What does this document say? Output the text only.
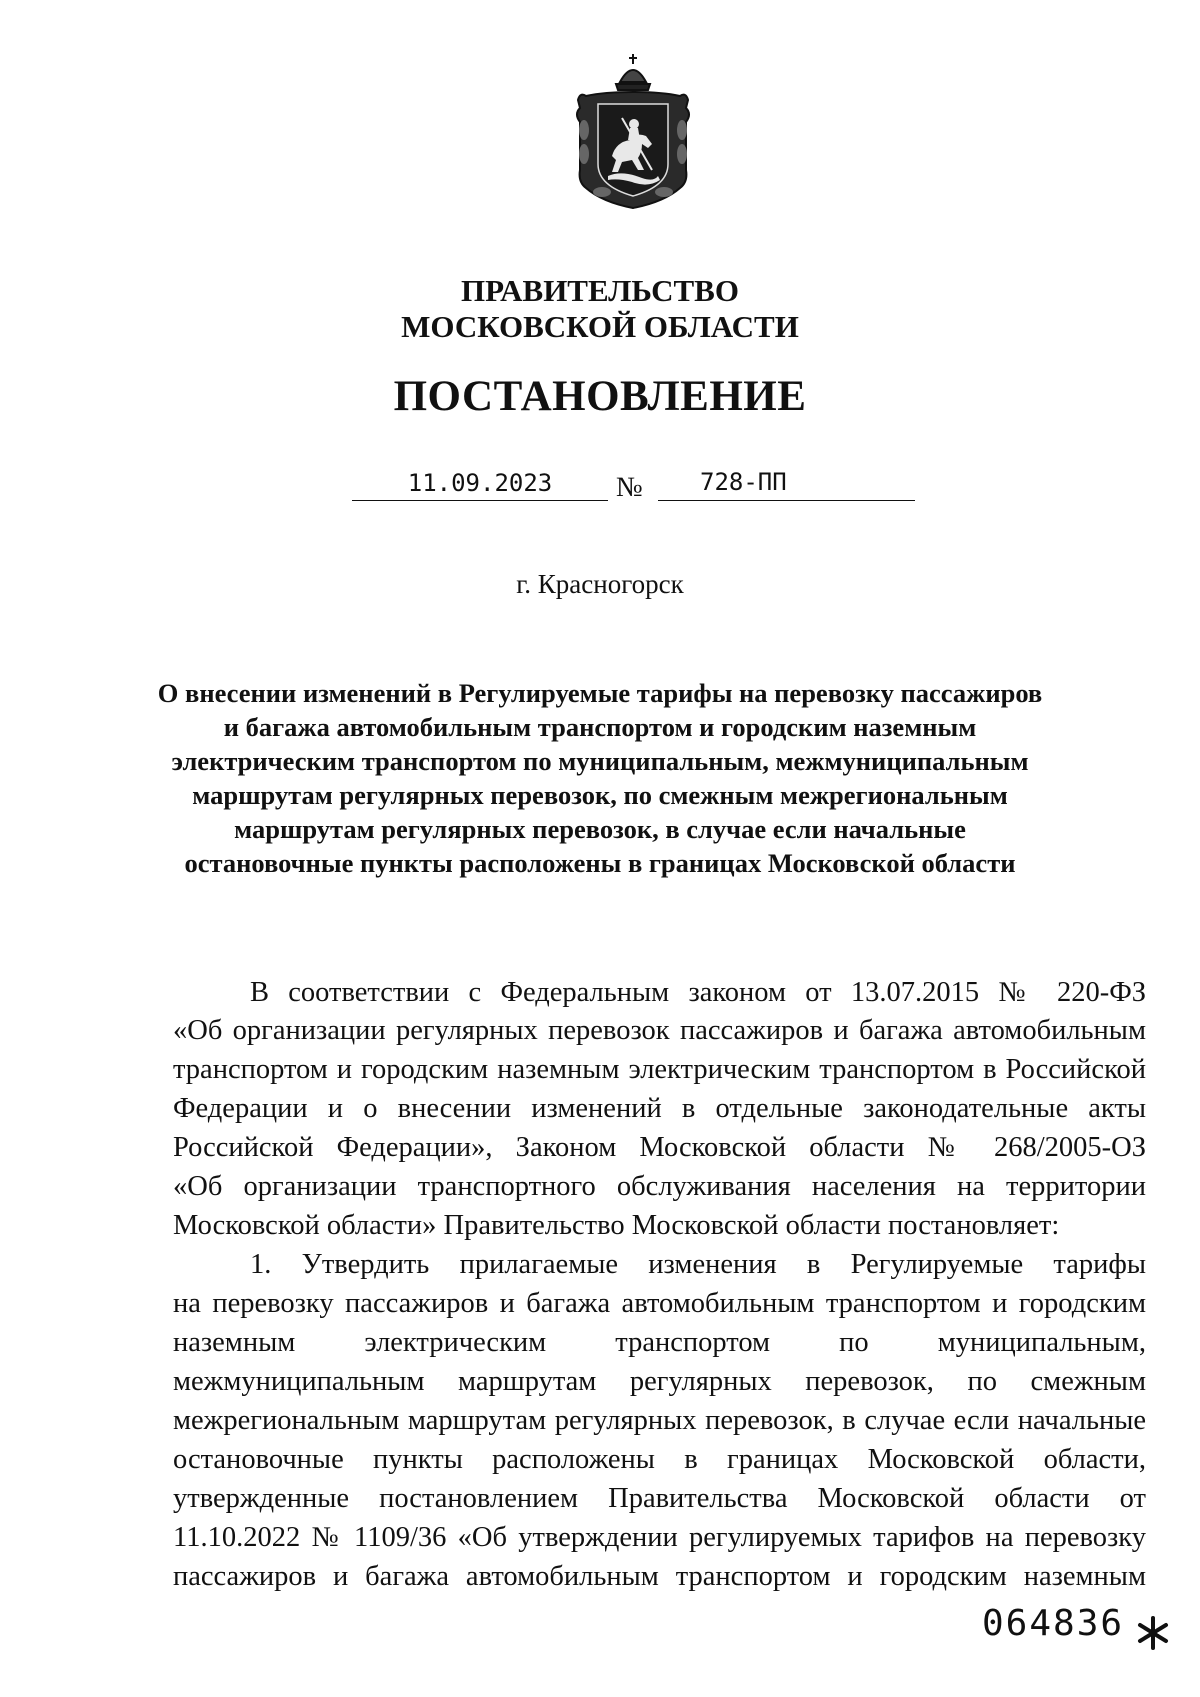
ПРАВИТЕЛЬСТВО
МОСКОВСКОЙ ОБЛАСТИ
ПОСТАНОВЛЕНИЕ
11.09.2023	№ 728-ПП
г. Красногорск
О внесении изменений в Регулируемые тарифы на перевозку пассажиров
и багажа автомобильным транспортом и городским наземным
электрическим транспортом по муниципальным, межмуниципальным
маршрутам регулярных перевозок, по смежным межрегиональным
маршрутам регулярных перевозок, в случае если начальные
остановочные пункты расположены в границах Московской области
В соответствии с Федеральным законом от 13.07.2015 № 220-ФЗ
«Об организации регулярных перевозок пассажиров и багажа автомобильным
транспортом и городским наземным электрическим транспортом в Российской
Федерации и о внесении изменений в отдельные законодательные акты
Российской Федерации», Законом Московской области № 268/2005-ОЗ
«Об организации транспортного обслуживания населения на территории
Московской области» Правительство Московской области постановляет:
1. Утвердить прилагаемые изменения в Регулируемые тарифы
на перевозку пассажиров и багажа автомобильным транспортом и городским
наземным электрическим транспортом по муниципальным,
межмуниципальным маршрутам регулярных перевозок, по смежным
межрегиональным маршрутам регулярных перевозок, в случае если начальные
остановочные пункты расположены в границах Московской области,
утвержденные постановлением Правительства Московской области от
11.10.2022 № 1109/36 «Об утверждении регулируемых тарифов на перевозку
пассажиров и багажа автомобильным транспортом и городским наземным
064836
